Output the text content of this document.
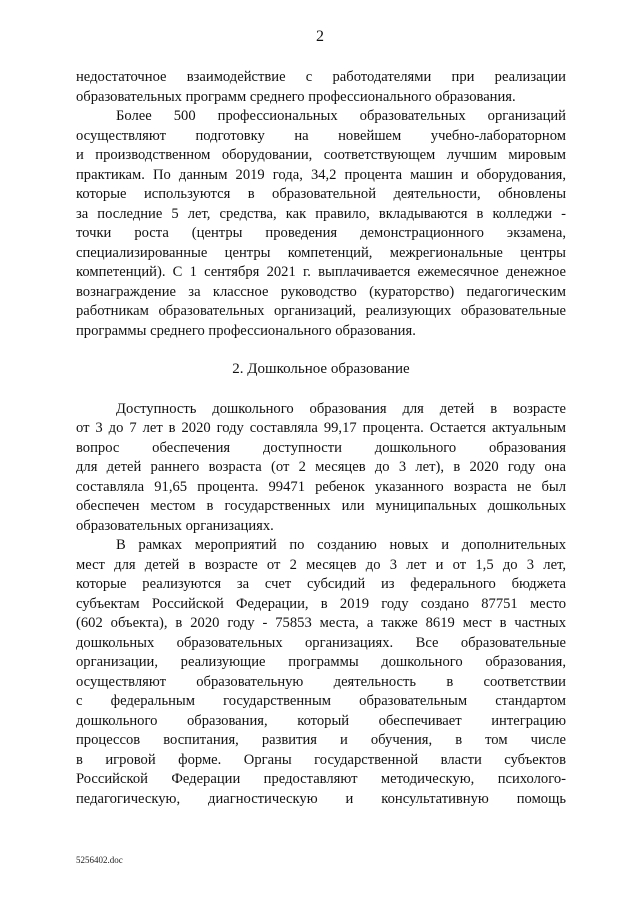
2
недостаточное взаимодействие с работодателями при реализации
образовательных программ среднего профессионального образования.
Более 500 профессиональных образовательных организаций
осуществляют подготовку на новейшем учебно-лабораторном
и производственном оборудовании, соответствующем лучшим мировым
практикам. По данным 2019 года, 34,2 процента машин и оборудования,
которые используются в образовательной деятельности, обновлены
за последние 5 лет, средства, как правило, вкладываются в колледжи -
точки роста (центры проведения демонстрационного экзамена,
специализированные центры компетенций, межрегиональные центры
компетенций). С 1 сентября 2021 г. выплачивается ежемесячное денежное
вознаграждение за классное руководство (кураторство) педагогическим
работникам образовательных организаций, реализующих образовательные
программы среднего профессионального образования.
2. Дошкольное образование
Доступность дошкольного образования для детей в возрасте
от 3 до 7 лет в 2020 году составляла 99,17 процента. Остается актуальным
вопрос обеспечения доступности дошкольного образования
для детей раннего возраста (от 2 месяцев до 3 лет), в 2020 году она
составляла 91,65 процента. 99471 ребенок указанного возраста не был
обеспечен местом в государственных или муниципальных дошкольных
образовательных организациях.
В рамках мероприятий по созданию новых и дополнительных
мест для детей в возрасте от 2 месяцев до 3 лет и от 1,5 до 3 лет,
которые реализуются за счет субсидий из федерального бюджета
субъектам Российской Федерации, в 2019 году создано 87751 место
(602 объекта), в 2020 году - 75853 места, а также 8619 мест в частных
дошкольных образовательных организациях. Все образовательные
организации, реализующие программы дошкольного образования,
осуществляют образовательную деятельность в соответствии
с федеральным государственным образовательным стандартом
дошкольного образования, который обеспечивает интеграцию
процессов воспитания, развития и обучения, в том числе
в игровой форме. Органы государственной власти субъектов
Российской Федерации предоставляют методическую, психолого-
педагогическую, диагностическую и консультативную помощь
5256402.doc
